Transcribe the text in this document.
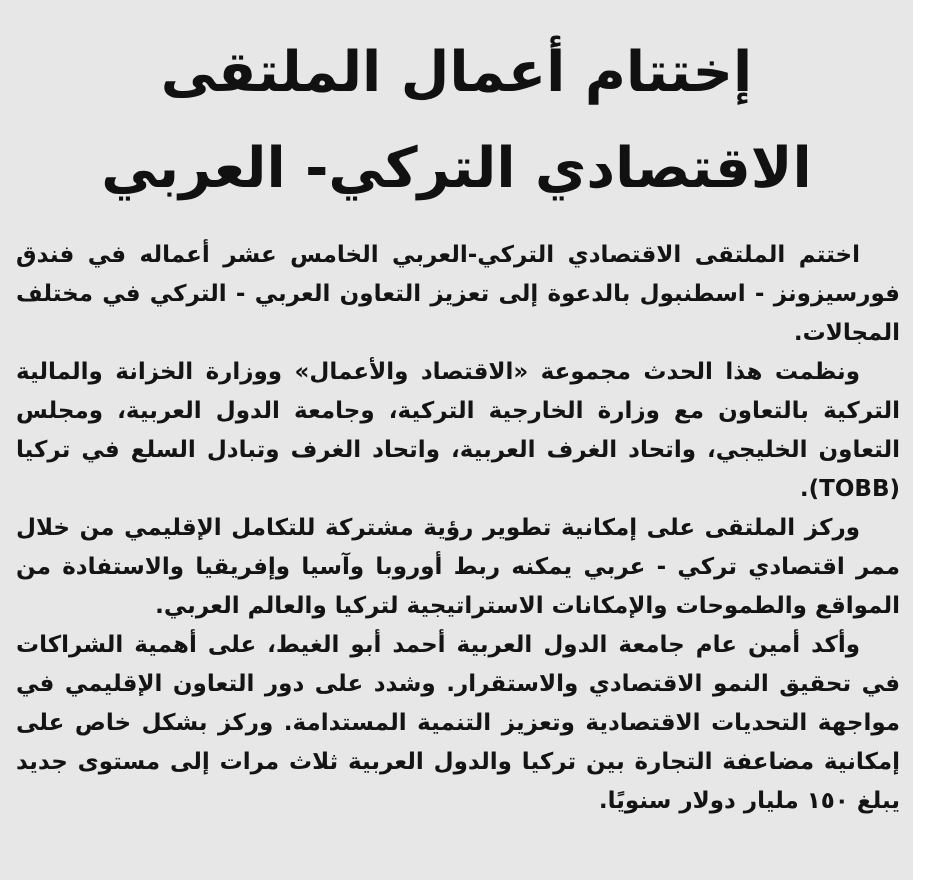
إختتام أعمال الملتقى
الاقتصادي التركي- العربي

اختتم الملتقى الاقتصادي التركي-العربي الخامس عشر أعماله في فندق فورسيزونز - اسطنبول بالدعوة إلى تعزيز التعاون العربي - التركي في مختلف المجالات.

ونظمت هذا الحدث مجموعة «الاقتصاد والأعمال» ووزارة الخزانة والمالية التركية بالتعاون مع وزارة الخارجية التركية، وجامعة الدول العربية، ومجلس التعاون الخليجي، واتحاد الغرف العربية، واتحاد الغرف وتبادل السلع في تركيا (TOBB).

وركز الملتقى على إمكانية تطوير رؤية مشتركة للتكامل الإقليمي من خلال ممر اقتصادي تركي - عربي يمكنه ربط أوروبا وآسيا وإفريقيا والاستفادة من المواقع والطموحات والإمكانات الاستراتيجية لتركيا والعالم العربي.

وأكد أمين عام جامعة الدول العربية أحمد أبو الغيط، على أهمية الشراكات في تحقيق النمو الاقتصادي والاستقرار. وشدد على دور التعاون الإقليمي في مواجهة التحديات الاقتصادية وتعزيز التنمية المستدامة. وركز بشكل خاص على إمكانية مضاعفة التجارة بين تركيا والدول العربية ثلاث مرات إلى مستوى جديد يبلغ ١٥٠ مليار دولار سنويًا.
